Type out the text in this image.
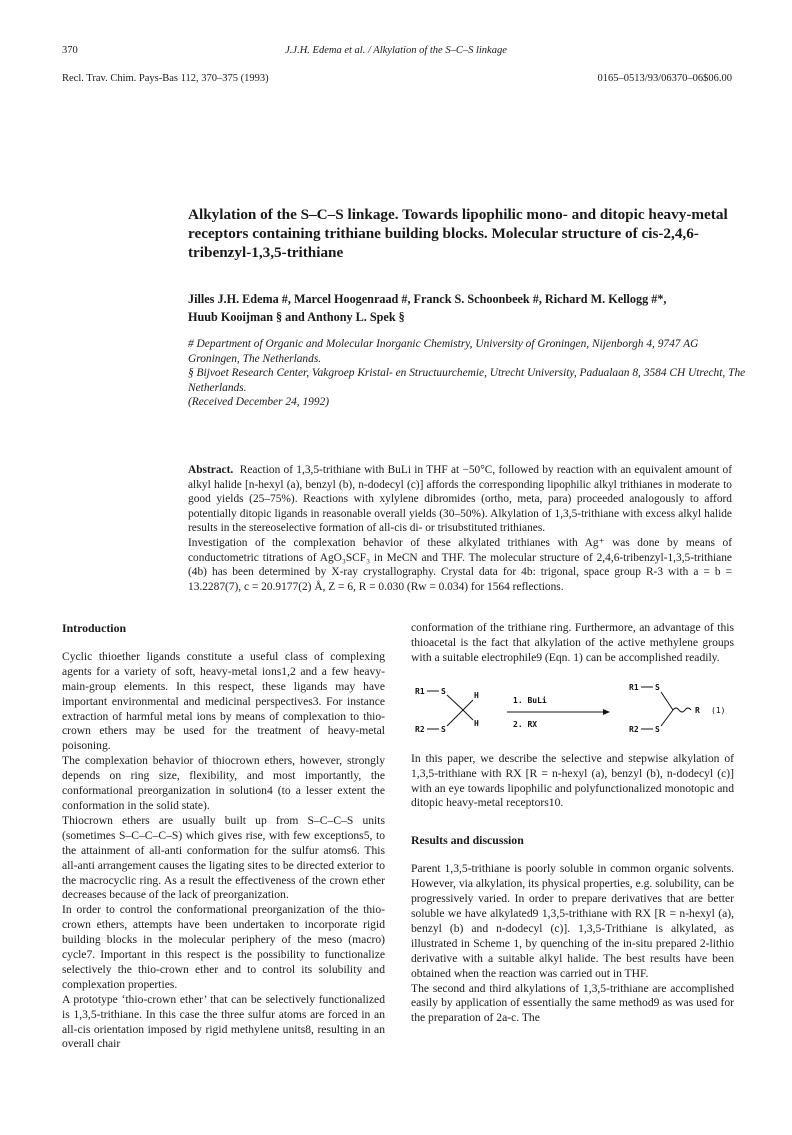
370	J.J.H. Edema et al. / Alkylation of the S–C–S linkage
Recl. Trav. Chim. Pays-Bas 112, 370–375 (1993)	0165–0513/93/06370–06$06.00
Alkylation of the S–C–S linkage. Towards lipophilic mono- and ditopic heavy-metal receptors containing trithiane building blocks. Molecular structure of cis-2,4,6-tribenzyl-1,3,5-trithiane
Jilles J.H. Edema #, Marcel Hoogenraad #, Franck S. Schoonbeek #, Richard M. Kellogg #*,
Huub Kooijman § and Anthony L. Spek §

# Department of Organic and Molecular Inorganic Chemistry, University of Groningen, Nijenborgh 4, 9747 AG Groningen, The Netherlands.

§ Bijvoet Research Center, Vakgroep Kristal- en Structuurchemie, Utrecht University, Padualaan 8, 3584 CH Utrecht, The Netherlands.

(Received December 24, 1992)

Abstract. Reaction of 1,3,5-trithiane with BuLi in THF at −50°C, followed by reaction with an equivalent amount of alkyl halide [n-hexyl (a), benzyl (b), n-dodecyl (c)] affords the corresponding lipophilic alkyl trithianes in moderate to good yields (25–75%). Reactions with xylylene dibromides (ortho, meta, para) proceeded analogously to afford potentially ditopic ligands in reasonable overall yields (30–50%). Alkylation of 1,3,5-trithiane with excess alkyl halide results in the stereoselective formation of all-cis di- or trisubstituted trithianes.

Investigation of the complexation behavior of these alkylated trithianes with Ag⁺ was done by means of conductometric titrations of AgO₃SCF₃ in MeCN and THF. The molecular structure of 2,4,6-tribenzyl-1,3,5-trithiane (4b) has been determined by X-ray crystallography. Crystal data for 4b: trigonal, space group R-3 with a = b = 13.2287(7), c = 20.9177(2) Å, Z = 6, R = 0.030 (Rw = 0.034) for 1564 reflections.

Introduction

Cyclic thioether ligands constitute a useful class of complexing agents for a variety of soft, heavy-metal ions1,2 and a few heavy-main-group elements. In this respect, these ligands may have important environmental and medicinal perspectives3. For instance extraction of harmful metal ions by means of complexation to thio-crown ethers may be used for the treatment of heavy-metal poisoning.

The complexation behavior of thiocrown ethers, however, strongly depends on ring size, flexibility, and most importantly, the conformational preorganization in solution4 (to a lesser extent the conformation in the solid state).

Thiocrown ethers are usually built up from S–C–C–S units (sometimes S–C–C–C–S) which gives rise, with few exceptions5, to the attainment of all-anti conformation for the sulfur atoms6. This all-anti arrangement causes the ligating sites to be directed exterior to the macrocyclic ring. As a result the effectiveness of the crown ether decreases because of the lack of preorganization.

In order to control the conformational preorganization of the thio-crown ethers, attempts have been undertaken to incorporate rigid building blocks in the molecular periphery of the meso (macro) cycle7. Important in this respect is the possibility to functionalize selectively the thio-crown ether and to control its solubility and complexation properties.

A prototype ‘thio-crown ether’ that can be selectively functionalized is 1,3,5-trithiane. In this case the three sulfur atoms are forced in an all-cis orientation imposed by rigid methylene units8, resulting in an overall chair

conformation of the trithiane ring. Furthermore, an advantage of this thioacetal is the fact that alkylation of the active methylene groups with a suitable electrophile9 (Eqn. 1) can be accomplished readily.

R1 S
R2 S
H
H
1. BuLi
2. RX
R1 S
R2 S
R (1)

In this paper, we describe the selective and stepwise alkylation of 1,3,5-trithiane with RX [R = n-hexyl (a), benzyl (b), n-dodecyl (c)] with an eye towards lipophilic and polyfunctionalized monotopic and ditopic heavy-metal receptors10.

Results and discussion

Parent 1,3,5-trithiane is poorly soluble in common organic solvents. However, via alkylation, its physical properties, e.g. solubility, can be progressively varied. In order to prepare derivatives that are better soluble we have alkylated9 1,3,5-trithiane with RX [R = n-hexyl (a), benzyl (b) and n-dodecyl (c)]. 1,3,5-Trithiane is alkylated, as illustrated in Scheme 1, by quenching of the in-situ prepared 2-lithio derivative with a suitable alkyl halide. The best results have been obtained when the reaction was carried out in THF.

The second and third alkylations of 1,3,5-trithiane are accomplished easily by application of essentially the same method9 as was used for the preparation of 2a-c. The
